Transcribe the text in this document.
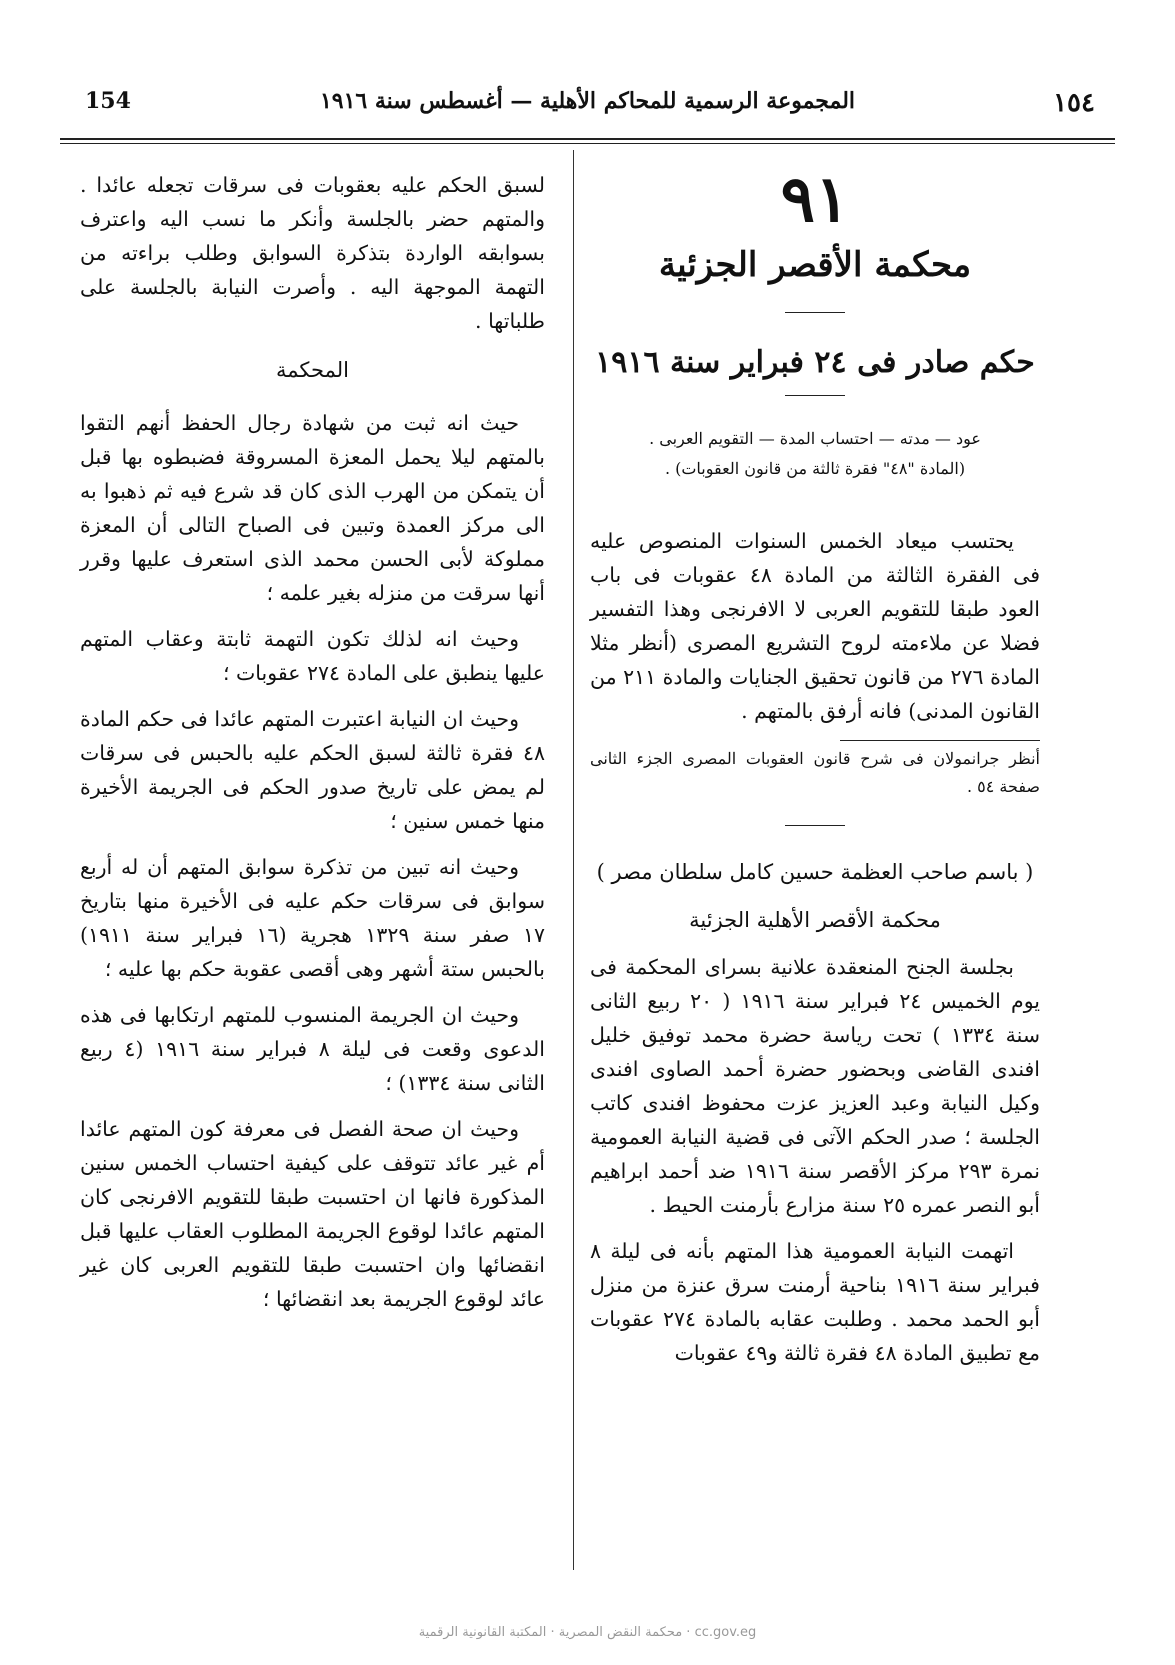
154	المجموعة الرسمية للمحاكم الأهلية — أغسطس سنة ١٩١٦	١٥٤
٩١
محكمة الأقصر الجزئية
حكم صادر فى ٢٤ فبراير سنة ١٩١٦
عود — مدته — احتساب المدة — التقويم العربى .
(المادة "٤٨" فقرة ثالثة من قانون العقوبات) .

يحتسب ميعاد الخمس السنوات المنصوص عليه فى الفقرة الثالثة من المادة ٤٨ عقوبات فى باب العود طبقا للتقويم العربى لا الافرنجى وهذا التفسير فضلا عن ملاءمته لروح التشريع المصرى (أنظر مثلا المادة ٢٧٦ من قانون تحقيق الجنايات والمادة ٢١١ من القانون المدنى) فانه أرفق بالمتهم .

أنظر جرانمولان فى شرح قانون العقوبات المصرى الجزء الثانى صفحة ٥٤ .

( باسم صاحب العظمة حسين كامل سلطان مصر )

محكمة الأقصر الأهلية الجزئية

بجلسة الجنح المنعقدة علانية بسراى المحكمة فى يوم الخميس ٢٤ فبراير سنة ١٩١٦ ( ٢٠ ربيع الثانى سنة ١٣٣٤ ) تحت رياسة حضرة محمد توفيق خليل افندى القاضى وبحضور حضرة أحمد الصاوى افندى وكيل النيابة وعبد العزيز عزت محفوظ افندى كاتب الجلسة ؛ صدر الحكم الآتى فى قضية النيابة العمومية نمرة ٢٩٣ مركز الأقصر سنة ١٩١٦ ضد أحمد ابراهيم أبو النصر عمره ٢٥ سنة مزارع بأرمنت الحيط .

اتهمت النيابة العمومية هذا المتهم بأنه فى ليلة ٨ فبراير سنة ١٩١٦ بناحية أرمنت سرق عنزة من منزل أبو الحمد محمد . وطلبت عقابه بالمادة ٢٧٤ عقوبات مع تطبيق المادة ٤٨ فقرة ثالثة و٤٩ عقوبات

لسبق الحكم عليه بعقوبات فى سرقات تجعله عائدا . والمتهم حضر بالجلسة وأنكر ما نسب اليه واعترف بسوابقه الواردة بتذكرة السوابق وطلب براءته من التهمة الموجهة اليه . وأصرت النيابة بالجلسة على طلباتها .

المحكمة

حيث انه ثبت من شهادة رجال الحفظ أنهم التقوا بالمتهم ليلا يحمل المعزة المسروقة فضبطوه بها قبل أن يتمكن من الهرب الذى كان قد شرع فيه ثم ذهبوا به الى مركز العمدة وتبين فى الصباح التالى أن المعزة مملوكة لأبى الحسن محمد الذى استعرف عليها وقرر أنها سرقت من منزله بغير علمه ؛

وحيث انه لذلك تكون التهمة ثابتة وعقاب المتهم عليها ينطبق على المادة ٢٧٤ عقوبات ؛

وحيث ان النيابة اعتبرت المتهم عائدا فى حكم المادة ٤٨ فقرة ثالثة لسبق الحكم عليه بالحبس فى سرقات لم يمض على تاريخ صدور الحكم فى الجريمة الأخيرة منها خمس سنين ؛

وحيث انه تبين من تذكرة سوابق المتهم أن له أربع سوابق فى سرقات حكم عليه فى الأخيرة منها بتاريخ ١٧ صفر سنة ١٣٢٩ هجرية (١٦ فبراير سنة ١٩١١) بالحبس ستة أشهر وهى أقصى عقوبة حكم بها عليه ؛

وحيث ان الجريمة المنسوب للمتهم ارتكابها فى هذه الدعوى وقعت فى ليلة ٨ فبراير سنة ١٩١٦ (٤ ربيع الثانى سنة ١٣٣٤) ؛

وحيث ان صحة الفصل فى معرفة كون المتهم عائدا أم غير عائد تتوقف على كيفية احتساب الخمس سنين المذكورة فانها ان احتسبت طبقا للتقويم الافرنجى كان المتهم عائدا لوقوع الجريمة المطلوب العقاب عليها قبل انقضائها وان احتسبت طبقا للتقويم العربى كان غير عائد لوقوع الجريمة بعد انقضائها ؛

cc.gov.eg · محكمة النقض المصرية · المكتبة القانونية الرقمية
